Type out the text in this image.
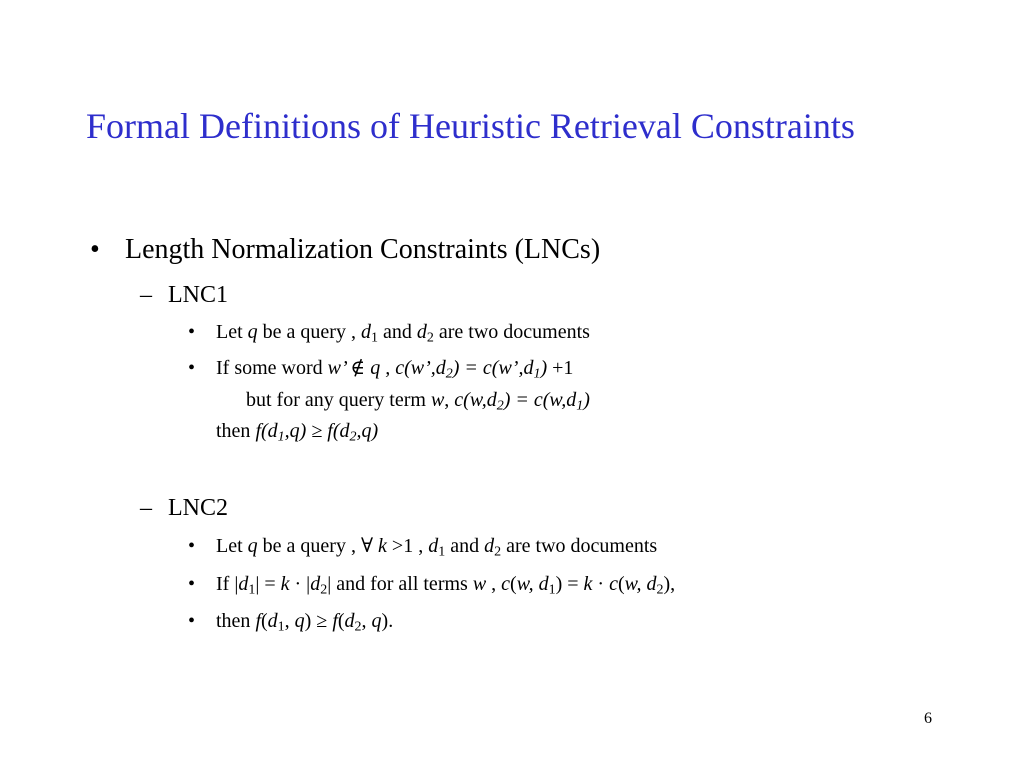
Formal Definitions of Heuristic Retrieval Constraints
• Length Normalization Constraints (LNCs)
– LNC1
• Let q be a query , $d_1$ and $d_2$ are two documents
• If some word w’ ∉ q , $c(w’,d_2)$ = $c(w’,d_1) +1$
but for any query term w, $c(w,d_2) = c(w,d_1)$
then $f(d_1,q) \ge f(d_2,q)$
– LNC2
• Let q be a query , ∀ k >1 , $d_1$ and $d_2$ are two documents
• If $|d_1| = k \cdot |d_2|$ and for all terms w , c(w, $d_1) = k \cdot c(w$, $d_2$),
• then $f(d_1$, $q) \ge f(d_2$, q).
6
